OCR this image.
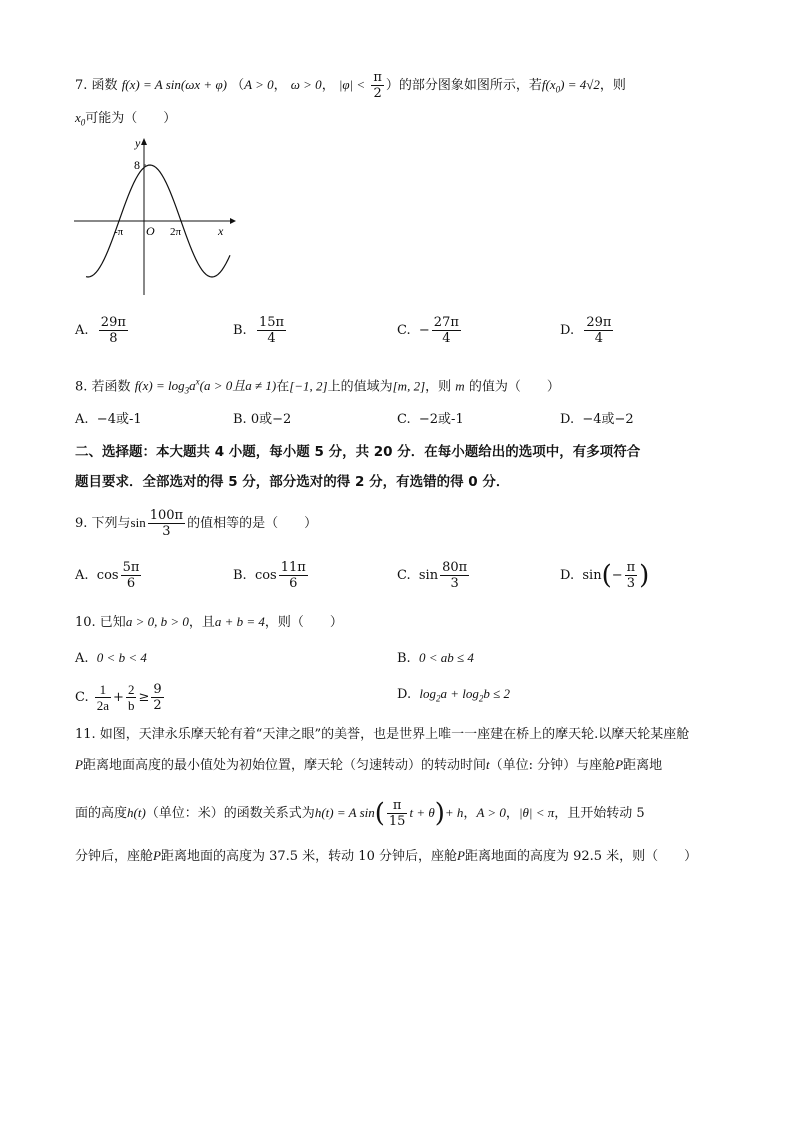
7. 函数 f(x) = A sin(ωx + φ) （A > 0， ω > 0， $|\varphi| < \frac{\pi}{2}$ ）的部分图象如图所示，若$f(x_0) = 4√2$，则
$x_0$可能为（　　）
y
x
O
8
-π	2π
A. $\frac{29\pi}{8}$	B. $\frac{15\pi}{4}$	C. − $\frac{27\pi}{4}$	D. $\frac{29\pi}{4}$
8. 若函数 $f(x) = \log_3a^x(a > 0$且a ≠ 1)在[−1, 2]上的值域为[m, 2]，则 m 的值为（　　）
A. −4或-1	B. 0或−2	C. −2或-1	D. −4或−2
二、选择题：本大题共 4 小题，每小题 5 分，共 20 分．在每小题给出的选项中，有多项符合
题目要求．全部选对的得 5 分，部分选对的得 2 分，有选错的得 0 分．
9. 下列与$\sin \frac{100\pi}{3}$ 的值相等的是（　　）
A. $\cos \frac{5\pi}{6}$	B. $\cos \frac{11\pi}{6}$	C. $\sin \frac{80\pi}{3}$	D. $\sin(- \frac{\pi}{3}$ )
10. 已知a > 0, b > 0，且a + b = 4，则（　　）
A. 0 < b < 4	B. 0 < ab ≤ 4
C. $\frac{1}{2a} + \frac{2}{b} \ge \frac{9}{2}$	D. $\log_2a + \log_2b \le 2$
11. 如图，天津永乐摩天轮有着“天津之眼”的美誉，也是世界上唯一一座建在桥上的摩天轮.以摩天轮某座舱
P距离地面高度的最小值处为初始位置，摩天轮（匀速转动）的转动时间t（单位: 分钟）与座舱P距离地
面的高度h(t)（单位：米）的函数关系式为h(t) = A $\sin( \frac{\pi}{15}$ t + θ)+ h，A > 0，|θ| < π，且开始转动 5
分钟后，座舱P距离地面的高度为 37.5 米，转动 10 分钟后，座舱P距离地面的高度为 92.5 米，则（　　）
